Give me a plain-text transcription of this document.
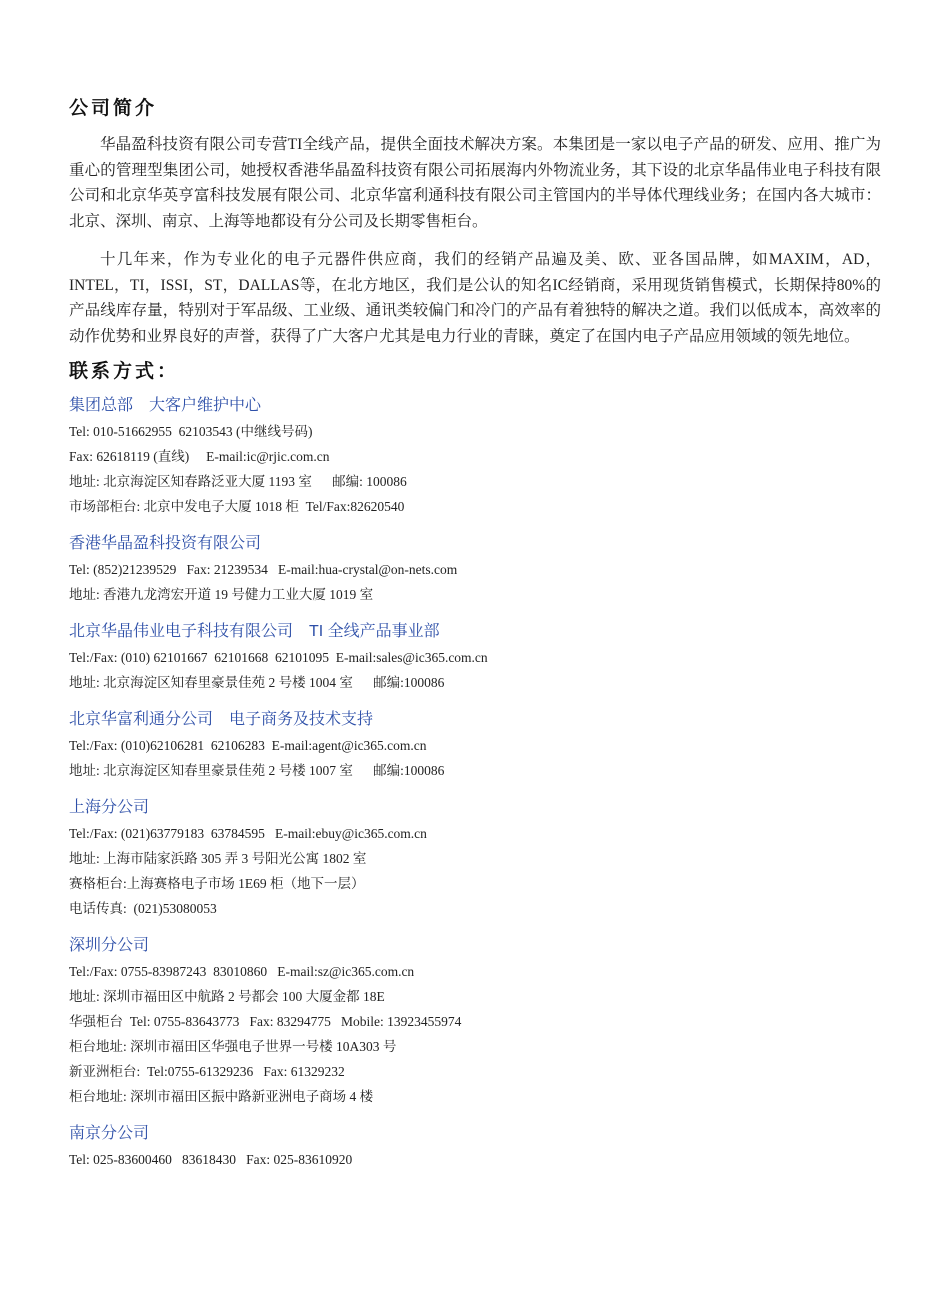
公司简介

华晶盈科技资有限公司专营TI全线产品，提供全面技术解决方案。本集团是一家以电子产品的研发、应用、推广为重心的管理型集团公司，她授权香港华晶盈科技资有限公司拓展海内外物流业务，其下设的北京华晶伟业电子科技有限公司和北京华英亨富科技发展有限公司、北京华富利通科技有限公司主管国内的半导体代理线业务；在国内各大城市：北京、深圳、南京、上海等地都设有分公司及长期零售柜台。

十几年来，作为专业化的电子元器件供应商，我们的经销产品遍及美、欧、亚各国品牌，如MAXIM，AD，INTEL，TI，ISSI，ST，DALLAS等，在北方地区，我们是公认的知名IC经销商，采用现货销售模式，长期保持80%的产品线库存量，特别对于军品级、工业级、通讯类较偏门和冷门的产品有着独特的解决之道。我们以低成本，高效率的动作优势和业界良好的声誉，获得了广大客户尤其是电力行业的青睐，奠定了在国内电子产品应用领域的领先地位。

联系方式：

集团总部　大客户维护中心

Tel: 010-51662955  62103543 (中继线号码)

Fax: 62618119 (直线)     E-mail:ic@rjic.com.cn

地址: 北京海淀区知春路泛亚大厦 1193 室      邮编: 100086

市场部柜台: 北京中发电子大厦 1018 柜  Tel/Fax:82620540

香港华晶盈科投资有限公司

Tel: (852)21239529   Fax: 21239534   E-mail:hua-crystal@on-nets.com

地址: 香港九龙湾宏开道 19 号健力工业大厦 1019 室

北京华晶伟业电子科技有限公司　TI 全线产品事业部

Tel:/Fax: (010) 62101667  62101668  62101095  E-mail:sales@ic365.com.cn

地址: 北京海淀区知春里豪景佳苑 2 号楼 1004 室      邮编:100086

北京华富利通分公司　电子商务及技术支持

Tel:/Fax: (010)62106281  62106283  E-mail:agent@ic365.com.cn

地址: 北京海淀区知春里豪景佳苑 2 号楼 1007 室      邮编:100086

上海分公司

Tel:/Fax: (021)63779183  63784595   E-mail:ebuy@ic365.com.cn

地址: 上海市陆家浜路 305 弄 3 号阳光公寓 1802 室

赛格柜台:上海赛格电子市场 1E69 柜（地下一层）

电话传真:  (021)53080053

深圳分公司

Tel:/Fax: 0755-83987243  83010860   E-mail:sz@ic365.com.cn

地址: 深圳市福田区中航路 2 号都会 100 大厦金都 18E

华强柜台  Tel: 0755-83643773   Fax: 83294775   Mobile: 13923455974

柜台地址: 深圳市福田区华强电子世界一号楼 10A303 号

新亚洲柜台:  Tel:0755-61329236   Fax: 61329232

柜台地址: 深圳市福田区振中路新亚洲电子商场 4 楼

南京分公司

Tel: 025-83600460   83618430   Fax: 025-83610920
